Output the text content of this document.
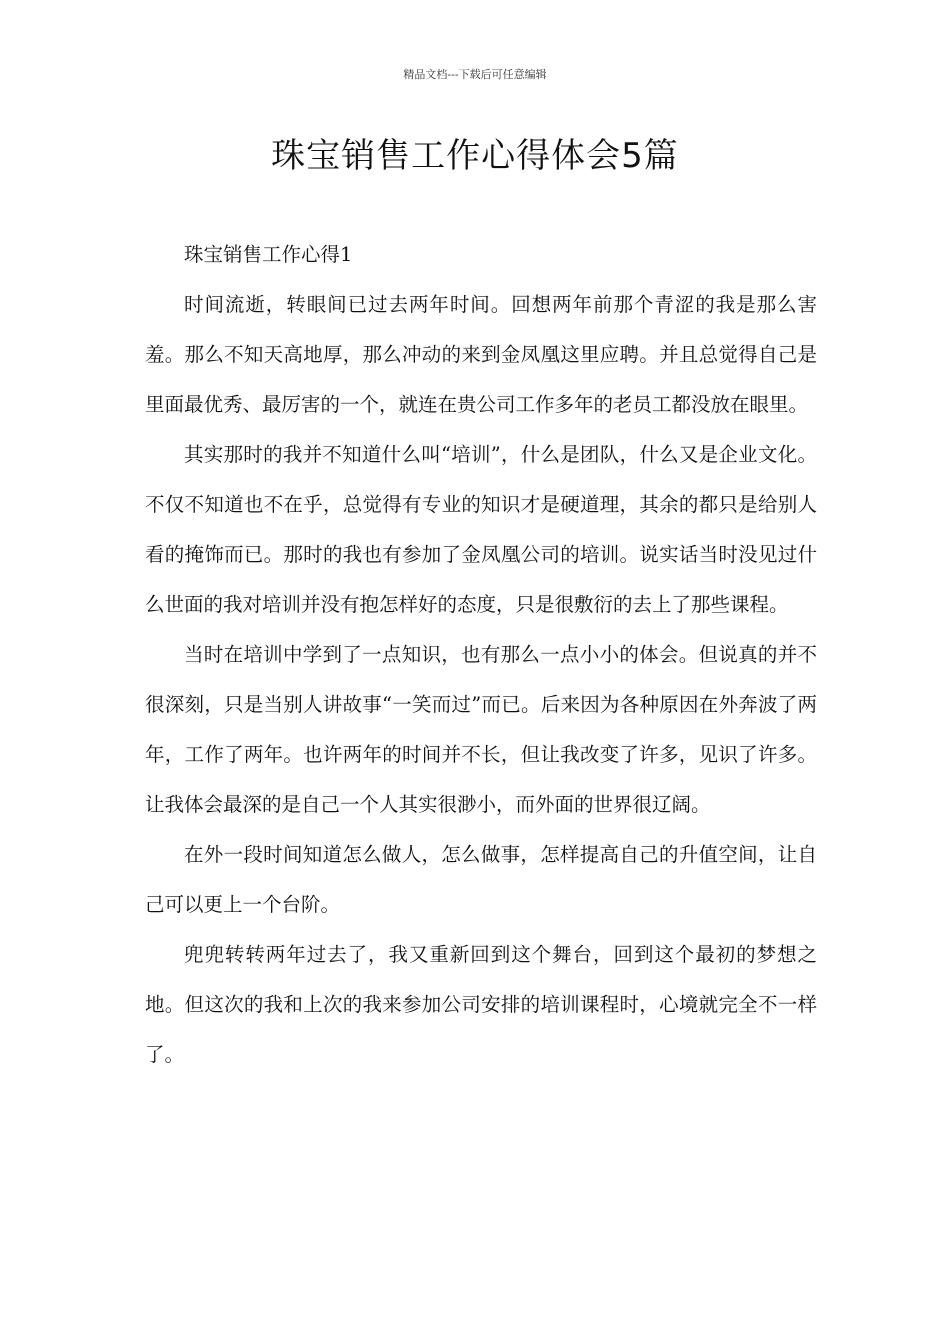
精品文档---下载后可任意编辑
珠宝销售工作心得体会5篇

珠宝销售工作心得1

时间流逝，转眼间已过去两年时间。回想两年前那个青涩的我是那么害羞。那么不知天高地厚，那么冲动的来到金凤凰这里应聘。并且总觉得自己是里面最优秀、最厉害的一个，就连在贵公司工作多年的老员工都没放在眼里。

其实那时的我并不知道什么叫“培训”，什么是团队，什么又是企业文化。不仅不知道也不在乎，总觉得有专业的知识才是硬道理，其余的都只是给别人看的掩饰而已。那时的我也有参加了金凤凰公司的培训。说实话当时没见过什么世面的我对培训并没有抱怎样好的态度，只是很敷衍的去上了那些课程。

当时在培训中学到了一点知识，也有那么一点小小的体会。但说真的并不很深刻，只是当别人讲故事“一笑而过”而已。后来因为各种原因在外奔波了两年，工作了两年。也许两年的时间并不长，但让我改变了许多，见识了许多。让我体会最深的是自己一个人其实很渺小，而外面的世界很辽阔。

在外一段时间知道怎么做人，怎么做事，怎样提高自己的升值空间，让自己可以更上一个台阶。

兜兜转转两年过去了，我又重新回到这个舞台，回到这个最初的梦想之地。但这次的我和上次的我来参加公司安排的培训课程时，心境就完全不一样了。
